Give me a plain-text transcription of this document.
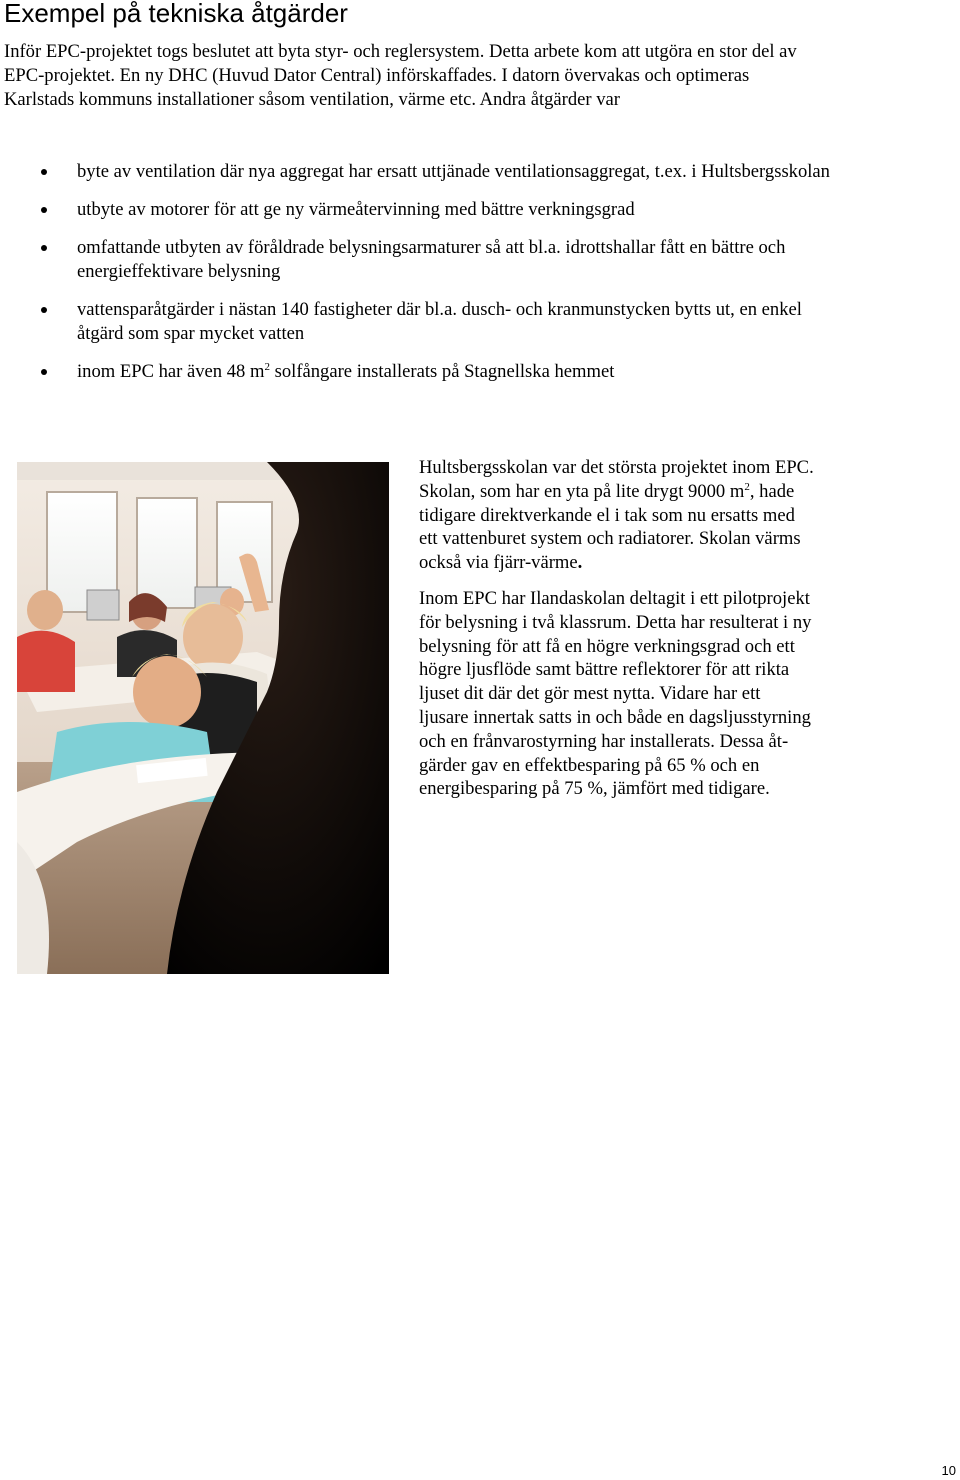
Exempel på tekniska åtgärder

Inför EPC-projektet togs beslutet att byta styr- och reglersystem. Detta arbete kom att utgöra en stor del av EPC-projektet. En ny DHC (Huvud Dator Central) införskaffades. I datorn övervakas och optimeras Karlstads kommuns installationer såsom ventilation, värme etc. Andra åtgärder var

byte av ventilation där nya aggregat har ersatt uttjänade ventilationsaggregat, t.ex. i Hultsbergsskolan
utbyte av motorer för att ge ny värmeåtervinning med bättre verkningsgrad
omfattande utbyten av föråldrade belysningsarmaturer så att bl.a. idrottshallar fått en bättre och energieffektivare belysning
vattensparåtgärder i nästan 140 fastigheter där bl.a. dusch- och kranmunstycken bytts ut, en enkel åtgärd som spar mycket vatten
inom EPC har även 48 $m^2$ solfångare installerats på Stagnellska hemmet

Hultsbergsskolan var det största projektet inom EPC. Skolan, som har en yta på lite drygt 9000 $m^2$, hade tidigare direktverkande el i tak som nu ersatts med ett vattenburet system och radiatorer. Skolan värms också via fjärr-värme.

Inom EPC har Ilandaskolan deltagit i ett pilotprojekt för belysning i två klassrum. Detta har resulterat i ny belysning för att få en högre verkningsgrad och ett högre ljusflöde samt bättre reflektorer för att rikta ljuset dit där det gör mest nytta. Vidare har ett ljusare innertak satts in och både en dagsljusstyrning och en frånvarostyrning har installerats. Dessa åt-gärder gav en effektbesparing på 65 % och en energibesparing på 75 %, jämfört med tidigare.

10
